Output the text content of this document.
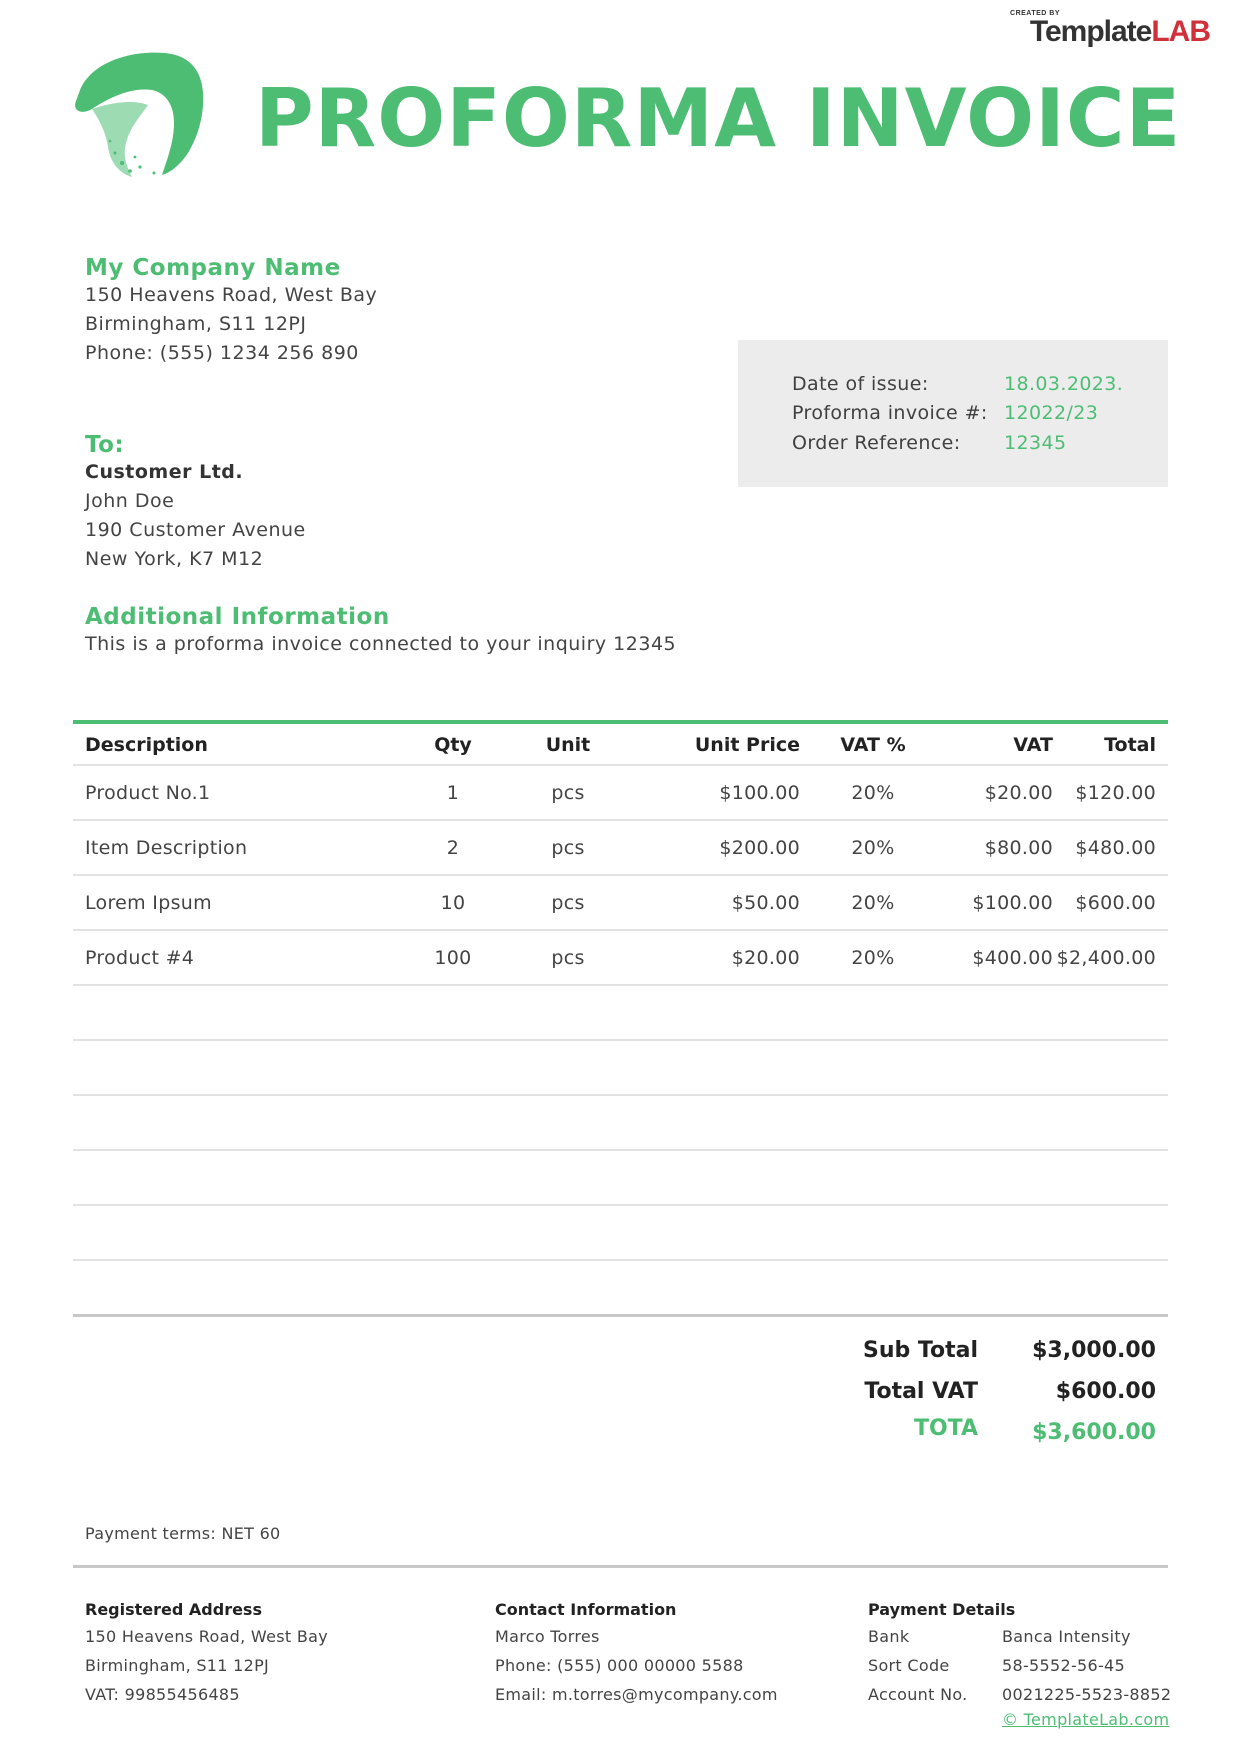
CREATED BY
TemplateLAB
PROFORMA INVOICE
My Company Name
150 Heavens Road, West Bay
Birmingham, S11 12PJ
Phone: (555) 1234 256 890
Date of issue:	18.03.2023.
Proforma invoice #: 12022/23
Order Reference: 12345
To:
Customer Ltd.
John Doe
190 Customer Avenue
New York, K7 M12
Additional Information
This is a proforma invoice connected to your inquiry 12345
Description	Qty	Unit	Unit Price	VAT %	VAT	Total
Product No.1	1	pcs	$100.00	20%	$20.00	$120.00
Item Description	2	pcs	$200.00	20%	$80.00	$480.00
Lorem Ipsum	10	pcs	$50.00	20%	$100.00	$600.00
Product #4	100	pcs	$20.00	20%	$400.00 $2,400.00
Sub Total $3,000.00
Total VAT	$600.00
TOTA $3,600.00
Payment terms: NET 60
Registered Address
150 Heavens Road, West Bay
Birmingham, S11 12PJ
VAT: 99855456485
Contact Information
Marco Torres
Phone: (555) 000 00000 5588
Email: m.torres@mycompany.com
Payment Details
Bank	Banca Intensity
Sort Code	58-5552-56-45
Account No. 0021225-5523-8852
© TemplateLab.com
